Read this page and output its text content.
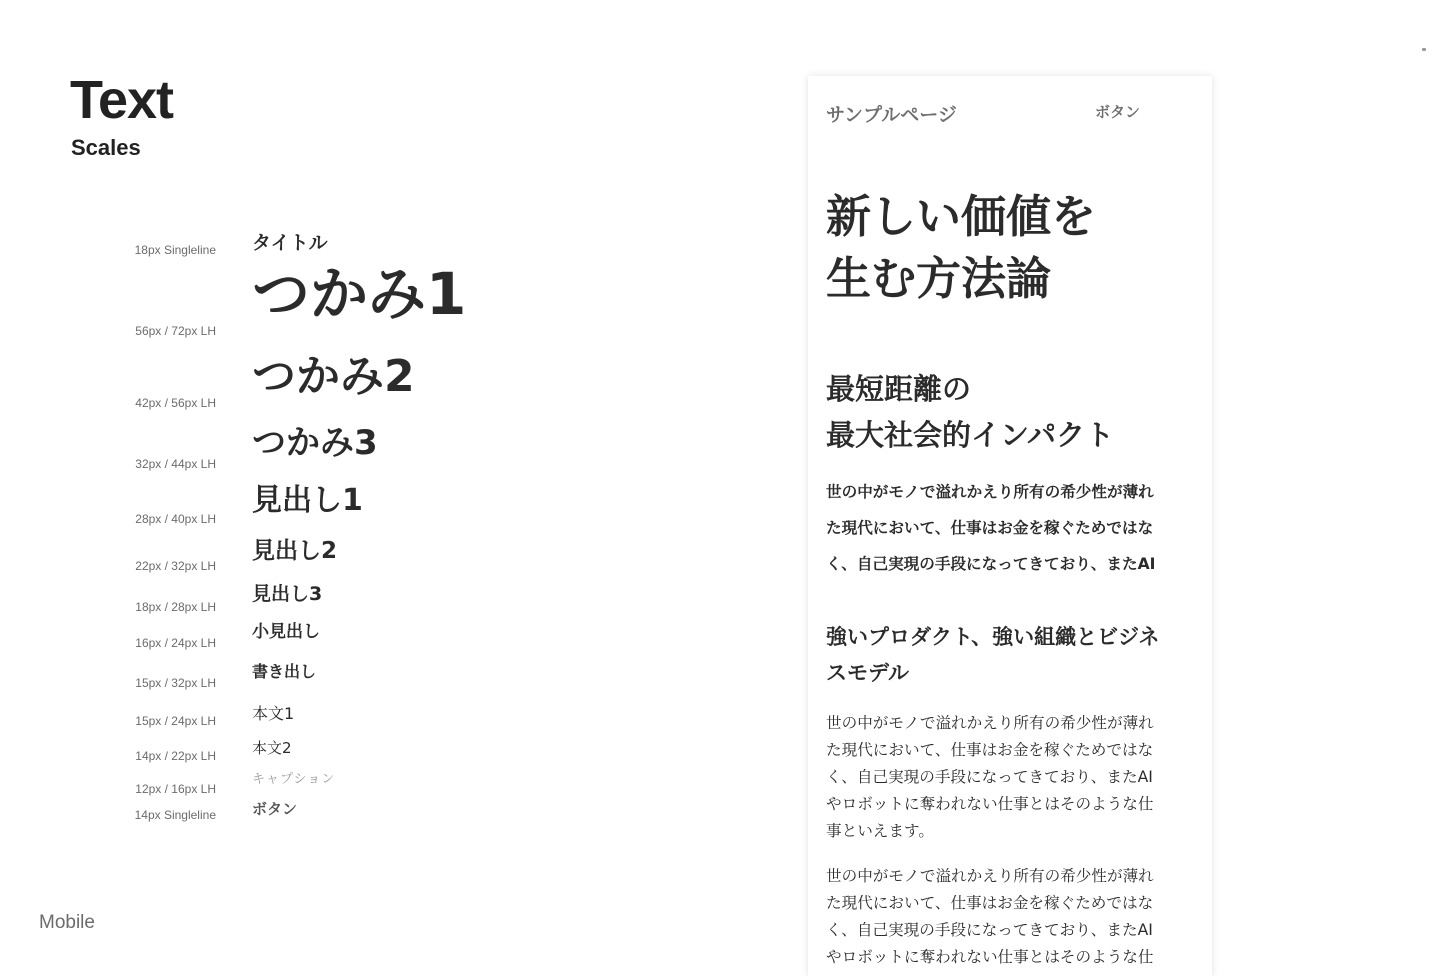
Text
Scales
18px Singleline タイトル
56px / 72px LH
つかみ1
42px / 56px LH
つかみ2
32px / 44px LH
つかみ3
28px / 40px LH
見出し1
22px / 32px LH
見出し2
18px / 28px LH
見出し3
16px / 24px LH
小見出し
15px / 32px LH
書き出し
15px / 24px LH 本文1
14px / 22px LH 本文2
12px / 16px LH
キャプション
14px Singleline ボタン
Mobile
サンプルページ	ボタン
新しい価値を
生む方法論
最短距離の
最大社会的インパクト

世の中がモノで溢れかえり所有の希少性が薄れ
た現代において、仕事はお金を稼ぐためではな
く、自己実現の手段になってきており、またAI

強いプロダクト、強い組織とビジネ
スモデル

世の中がモノで溢れかえり所有の希少性が薄れ
た現代において、仕事はお金を稼ぐためではな
く、自己実現の手段になってきており、またAI
やロボットに奪われない仕事とはそのような仕
事といえます。

世の中がモノで溢れかえり所有の希少性が薄れ
た現代において、仕事はお金を稼ぐためではな
く、自己実現の手段になってきており、またAI
やロボットに奪われない仕事とはそのような仕
